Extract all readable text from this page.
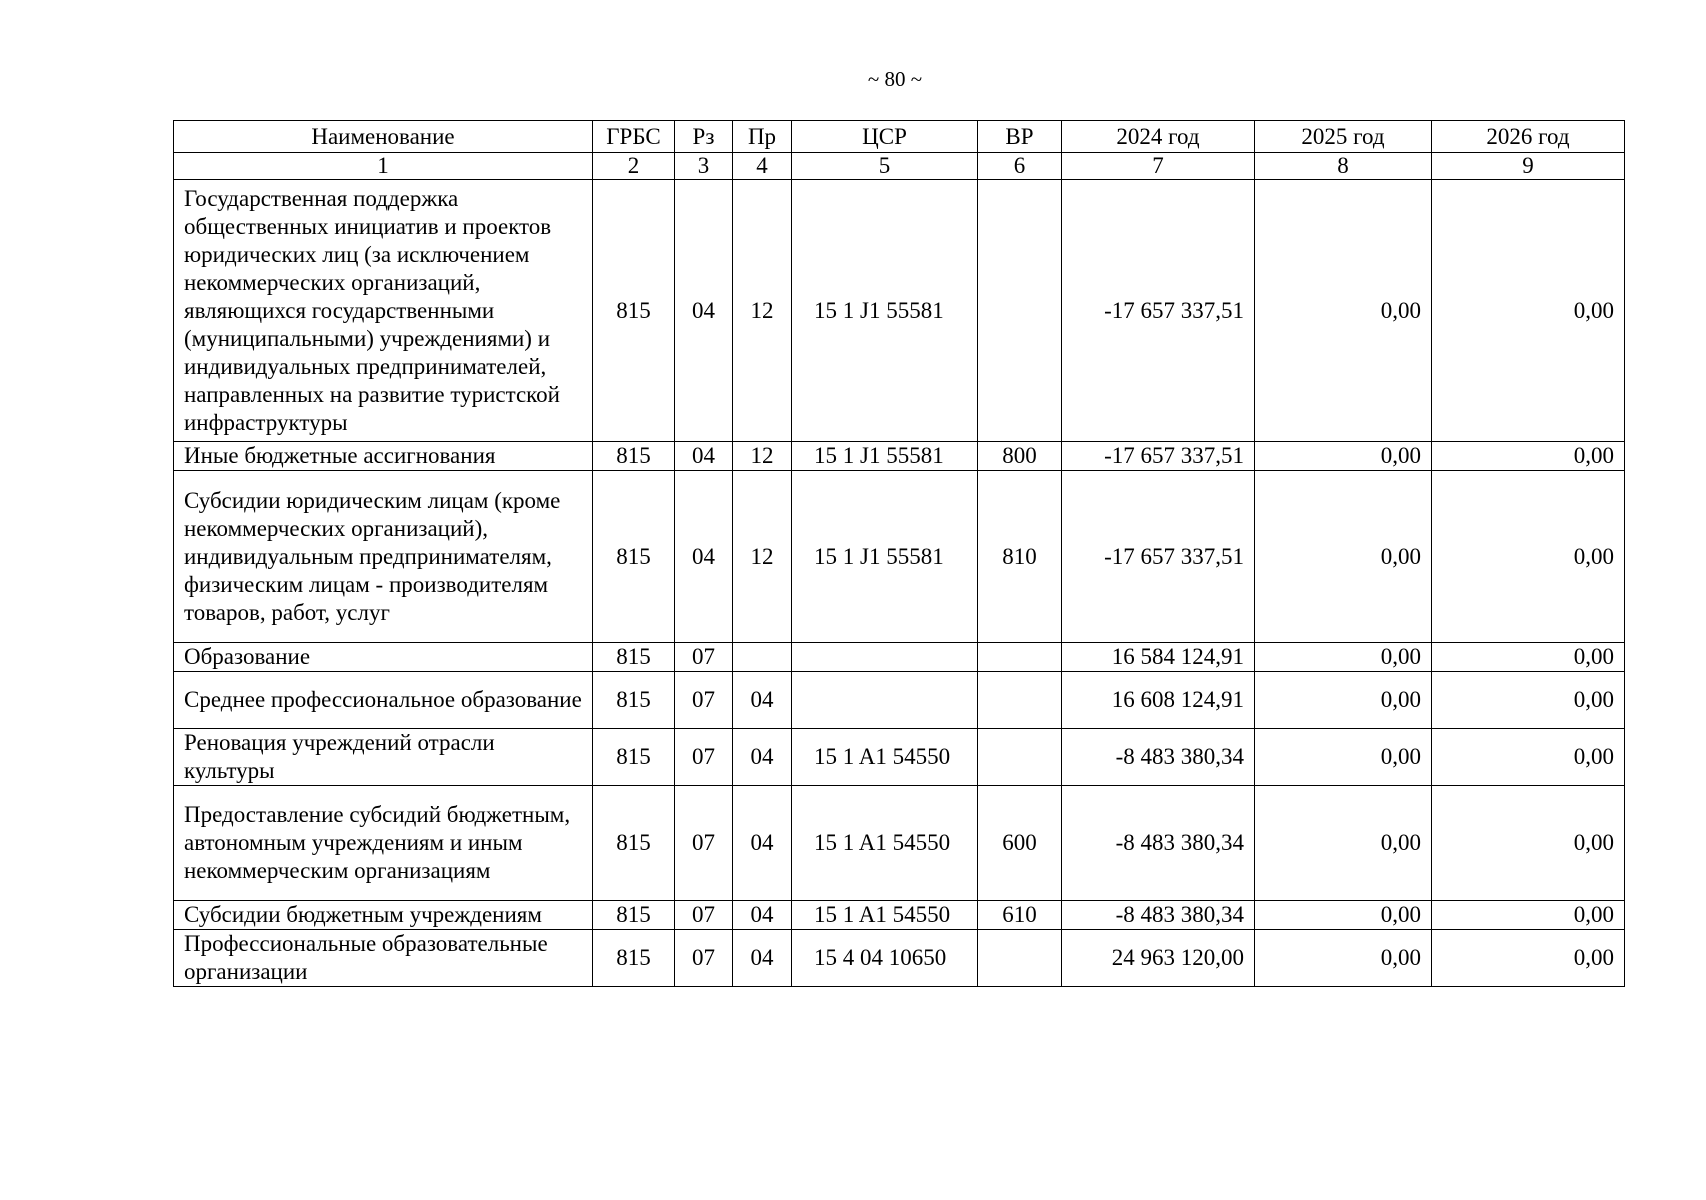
~ 80 ~
Наименование	ГРБС	Рз	Пр	ЦСР	ВР	2024 год	2025 год	2026 год
1	2	3	4	5	6	7	8	9
Государственная поддержка общественных инициатив и проектов юридических лиц (за исключением некоммерческих организаций, являющихся государственными (муниципальными) учреждениями) и индивидуальных предпринимателей, направленных на развитие туристской инфраструктуры	815	04	12	15 1 J1 55581		-17 657 337,51	0,00	0,00
Иные бюджетные ассигнования	815	04	12	15 1 J1 55581	800	-17 657 337,51	0,00	0,00
Субсидии юридическим лицам (кроме некоммерческих организаций), индивидуальным предпринимателям, физическим лицам - производителям товаров, работ, услуг	815	04	12	15 1 J1 55581	810	-17 657 337,51	0,00	0,00
Образование	815	07				16 584 124,91	0,00	0,00
Среднее профессиональное образование	815	07	04			16 608 124,91	0,00	0,00
Реновация учреждений отрасли культуры	815	07	04	15 1 A1 54550		-8 483 380,34	0,00	0,00
Предоставление субсидий бюджетным, автономным учреждениям и иным некоммерческим организациям	815	07	04	15 1 A1 54550	600	-8 483 380,34	0,00	0,00
Субсидии бюджетным учреждениям	815	07	04	15 1 A1 54550	610	-8 483 380,34	0,00	0,00
Профессиональные образовательные организации	815	07	04	15 4 04 10650		24 963 120,00	0,00	0,00
